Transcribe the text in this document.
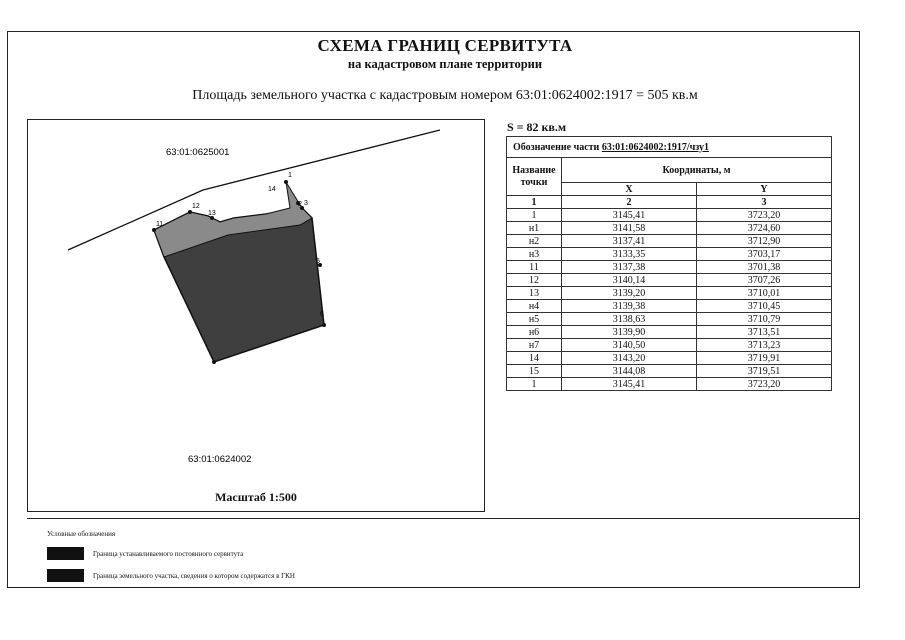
СХЕМА ГРАНИЦ СЕРВИТУТА
на кадастровом плане территории
Площадь земельного участка с кадастровым номером 63:01:0624002:1917 = 505 кв.м
1
2 3
5
6
11
12
13
14
63:01:0625001
63:01:0624002
Масштаб 1:500
S = 82 кв.м
Обозначение части 63:01:0624002:1917/чзу1		
Название точки	Координаты, м	
	X	Y
1	2	3
1	3145,41	3723,20
н1	3141,58	3724,60
н2	3137,41	3712,90
н3	3133,35	3703,17
11	3137,38	3701,38
12	3140,14	3707,26
13	3139,20	3710,01
н4	3139,38	3710,45
н5	3138,63	3710,79
н6	3139,90	3713,51
н7	3140,50	3713,23
14	3143,20	3719,91
15	3144,08	3719,51
1	3145,41	3723,20
Условные обозначения
Граница устанавливаемого постоянного сервитута
Граница земельного участка, сведения о котором содержатся в ГКН
